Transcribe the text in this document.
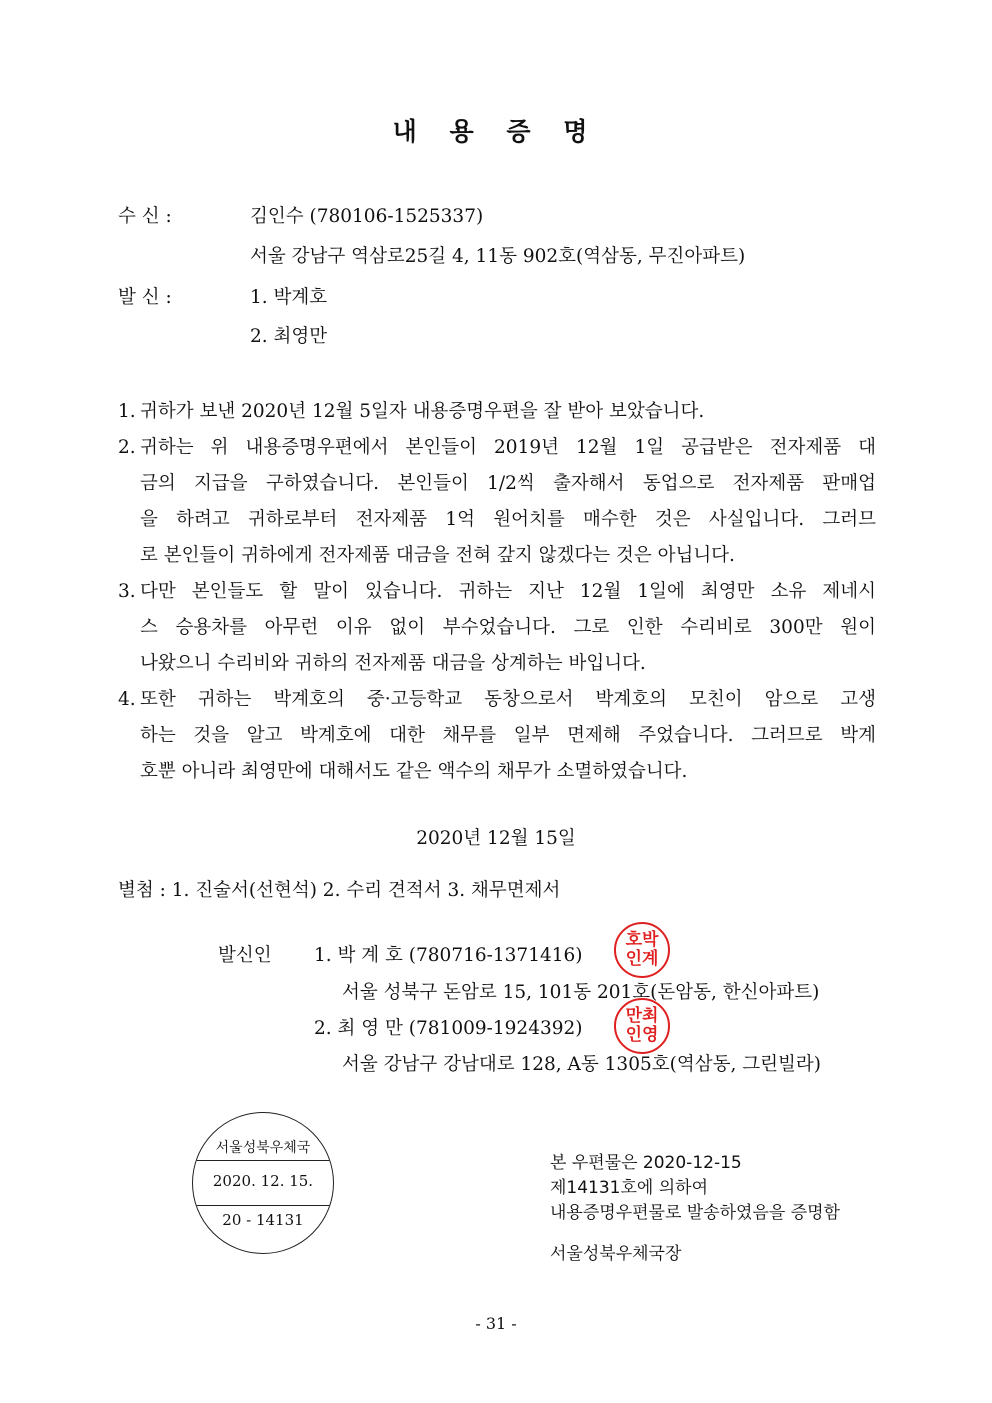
내 용 증 명
수 신 :	김인수 (780106-1525337)
서울 강남구 역삼로25길 4, 11동 902호(역삼동, 무진아파트)
발 신 :	1. 박계호
2. 최영만
1. 귀하가 보낸 2020년 12월 5일자 내용증명우편을 잘 받아 보았습니다.
2. 귀하는 위 내용증명우편에서 본인들이 2019년 12월 1일 공급받은 전자제품 대
금의 지급을 구하였습니다. 본인들이 1/2씩 출자해서 동업으로 전자제품 판매업
을 하려고 귀하로부터 전자제품 1억 원어치를 매수한 것은 사실입니다. 그러므
로 본인들이 귀하에게 전자제품 대금을 전혀 갚지 않겠다는 것은 아닙니다.
3. 다만 본인들도 할 말이 있습니다. 귀하는 지난 12월 1일에 최영만 소유 제네시
스 승용차를 아무런 이유 없이 부수었습니다. 그로 인한 수리비로 300만 원이
나왔으니 수리비와 귀하의 전자제품 대금을 상계하는 바입니다.
4. 또한 귀하는 박계호의 중·고등학교 동창으로서 박계호의 모친이 암으로 고생
하는 것을 알고 박계호에 대한 채무를 일부 면제해 주었습니다. 그러므로 박계
호뿐 아니라 최영만에 대해서도 같은 액수의 채무가 소멸하였습니다.
2020년 12월 15일
별첨 : 1. 진술서(선현석) 2. 수리 견적서 3. 채무면제서
발신인 1. 박 계 호 (780716-1371416)
서울 성북구 돈암로 15, 101동 201호(돈암동, 한신아파트)
2. 최 영 만 (781009-1924392)
서울 강남구 강남대로 128, A동 1305호(역삼동, 그린빌라)
호박
인계
만최
인영
서울성북우체국
2020. 12. 15.
20 - 14131
본 우편물은 2020-12-15
제14131호에 의하여
내용증명우편물로 발송하였음을 증명함
서울성북우체국장
- 31 -
